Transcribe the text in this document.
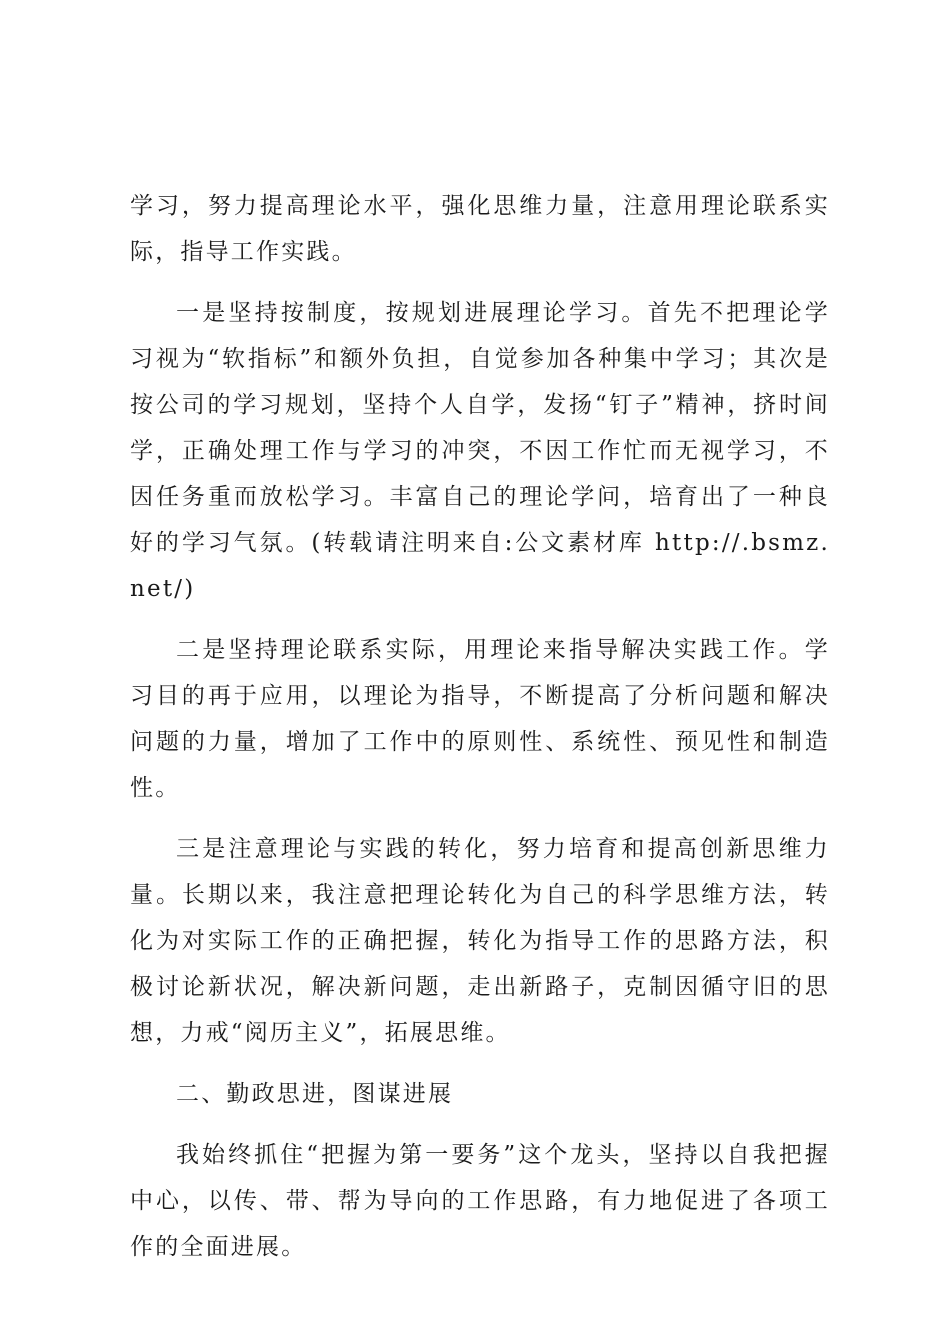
学习，努力提高理论水平，强化思维力量，注意用理论联系实际，指导工作实践。

一是坚持按制度，按规划进展理论学习。首先不把理论学习视为“软指标”和额外负担，自觉参加各种集中学习；其次是按公司的学习规划，坚持个人自学，发扬“钉子”精神，挤时间学，正确处理工作与学习的冲突，不因工作忙而无视学习，不因任务重而放松学习。丰富自己的理论学问，培育出了一种良好的学习气氛。(转载请注明来自:公文素材库 http://.bsmz.net/)

二是坚持理论联系实际，用理论来指导解决实践工作。学习目的再于应用，以理论为指导，不断提高了分析问题和解决问题的力量，增加了工作中的原则性、系统性、预见性和制造性。

三是注意理论与实践的转化，努力培育和提高创新思维力量。长期以来，我注意把理论转化为自己的科学思维方法，转化为对实际工作的正确把握，转化为指导工作的思路方法，积极讨论新状况，解决新问题，走出新路子，克制因循守旧的思想，力戒“阅历主义”，拓展思维。

二、勤政思进，图谋进展

我始终抓住“把握为第一要务”这个龙头，坚持以自我把握中心，以传、带、帮为导向的工作思路，有力地促进了各项工作的全面进展。
